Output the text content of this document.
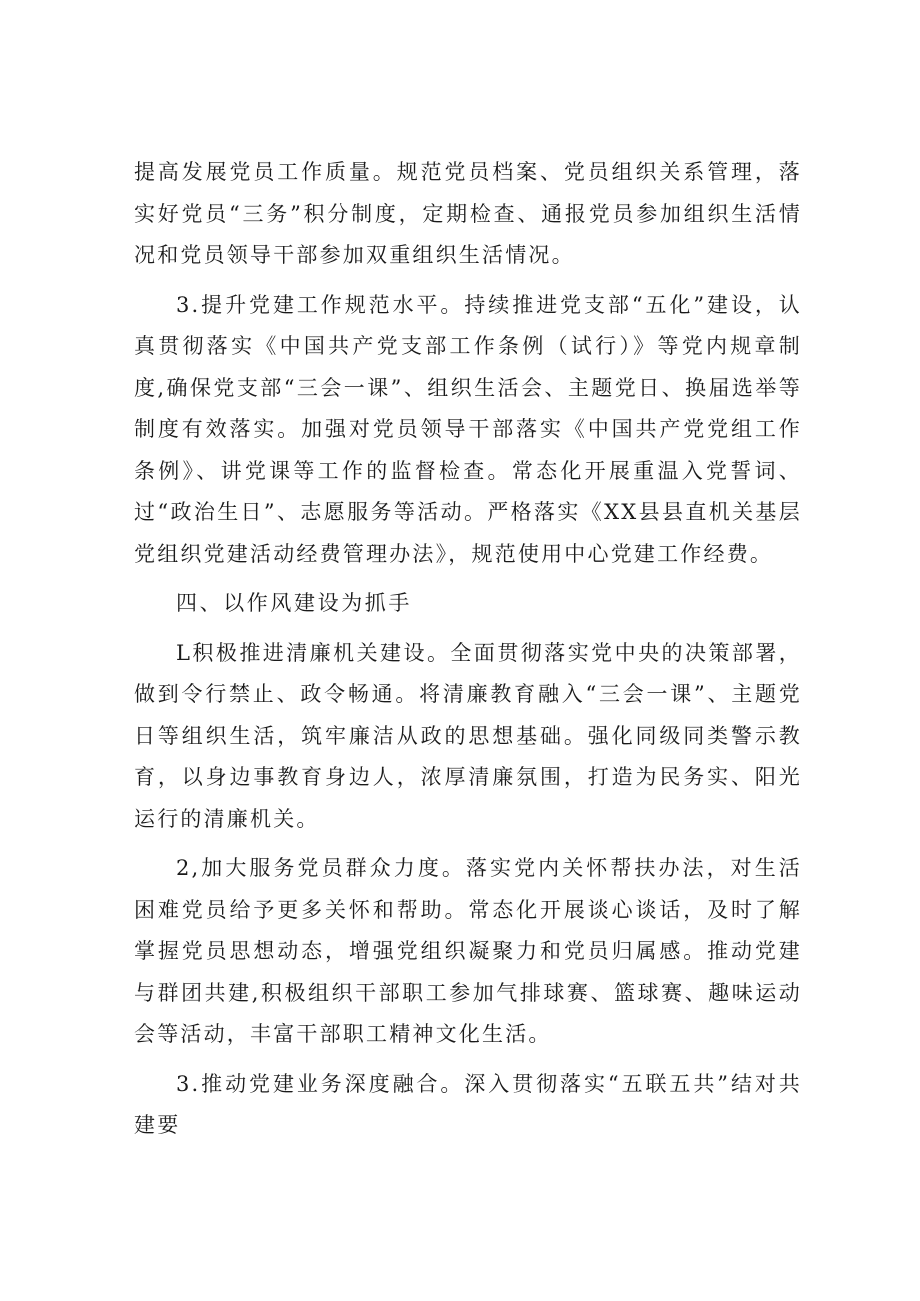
提高发展党员工作质量。规范党员档案、党员组织关系管理，落实好党员“三务”积分制度，定期检查、通报党员参加组织生活情况和党员领导干部参加双重组织生活情况。

3.提升党建工作规范水平。持续推进党支部“五化”建设，认真贯彻落实《中国共产党支部工作条例（试行）》等党内规章制度,确保党支部“三会一课”、组织生活会、主题党日、换届选举等制度有效落实。加强对党员领导干部落实《中国共产党党组工作条例》、讲党课等工作的监督检查。常态化开展重温入党誓词、过“政治生日”、志愿服务等活动。严格落实《XX县县直机关基层党组织党建活动经费管理办法》，规范使用中心党建工作经费。

四、以作风建设为抓手

L积极推进清廉机关建设。全面贯彻落实党中央的决策部署，做到令行禁止、政令畅通。将清廉教育融入“三会一课”、主题党日等组织生活，筑牢廉洁从政的思想基础。强化同级同类警示教育，以身边事教育身边人，浓厚清廉氛围，打造为民务实、阳光运行的清廉机关。

2,加大服务党员群众力度。落实党内关怀帮扶办法，对生活困难党员给予更多关怀和帮助。常态化开展谈心谈话，及时了解掌握党员思想动态，增强党组织凝聚力和党员归属感。推动党建与群团共建,积极组织干部职工参加气排球赛、篮球赛、趣味运动会等活动，丰富干部职工精神文化生活。

3.推动党建业务深度融合。深入贯彻落实“五联五共”结对共建要
